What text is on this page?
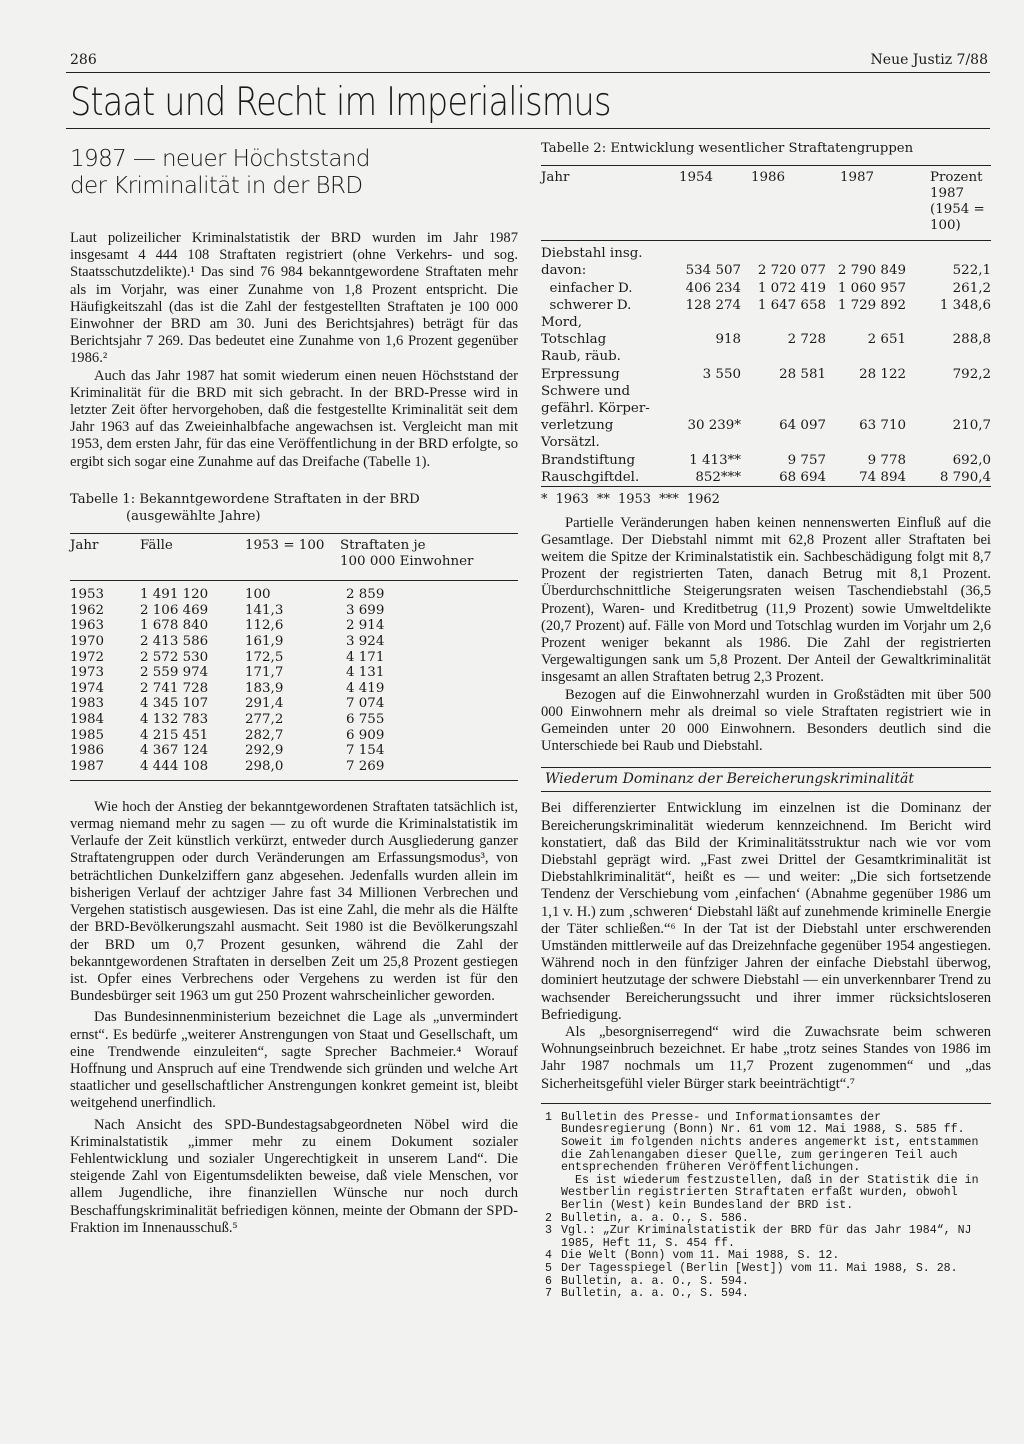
286	Neue Justiz 7/88
Staat und Recht im Imperialismus
1987 — neuer Höchststand
der Kriminalität in der BRD

Laut polizeilicher Kriminalstatistik der BRD wurden im Jahr 1987 insgesamt 4 444 108 Straftaten registriert (ohne Verkehrs- und sog. Staatsschutzdelikte).¹ Das sind 76 984 bekanntgewordene Straftaten mehr als im Vorjahr, was einer Zunahme von 1,8 Prozent entspricht. Die Häufigkeitszahl (das ist die Zahl der festgestellten Straftaten je 100 000 Einwohner der BRD am 30. Juni des Berichtsjahres) beträgt für das Berichtsjahr 7 269. Das bedeutet eine Zunahme von 1,6 Prozent gegenüber 1986.²

Auch das Jahr 1987 hat somit wiederum einen neuen Höchststand der Kriminalität für die BRD mit sich gebracht. In der BRD-Presse wird in letzter Zeit öfter hervorgehoben, daß die festgestellte Kriminalität seit dem Jahr 1963 auf das Zweieinhalbfache angewachsen ist. Vergleicht man mit 1953, dem ersten Jahr, für das eine Veröffentlichung in der BRD erfolgte, so ergibt sich sogar eine Zunahme auf das Dreifache (Tabelle 1).

Tabelle 1: Bekanntgewordene Straftaten in der BRD
(ausgewählte Jahre)
Jahr	Fälle	1953 = 100	Straftaten je
100 000 Einwohner
1953	1 491 120	100	2 859
1962	2 106 469	141,3	3 699
1963	1 678 840	112,6	2 914
1970	2 413 586	161,9	3 924
1972	2 572 530	172,5	4 171
1973	2 559 974	171,7	4 131
1974	2 741 728	183,9	4 419
1983	4 345 107	291,4	7 074
1984	4 132 783	277,2	6 755
1985	4 215 451	282,7	6 909
1986	4 367 124	292,9	7 154
1987	4 444 108	298,0	7 269

Wie hoch der Anstieg der bekanntgewordenen Straftaten tatsächlich ist, vermag niemand mehr zu sagen — zu oft wurde die Kriminalstatistik im Verlaufe der Zeit künstlich verkürzt, entweder durch Ausgliederung ganzer Straftatengruppen oder durch Veränderungen am Erfassungsmodus³, von beträchtlichen Dunkelziffern ganz abgesehen. Jedenfalls wurden allein im bisherigen Verlauf der achtziger Jahre fast 34 Millionen Verbrechen und Vergehen statistisch ausgewiesen. Das ist eine Zahl, die mehr als die Hälfte der BRD-Bevölkerungszahl ausmacht. Seit 1980 ist die Bevölkerungszahl der BRD um 0,7 Prozent gesunken, während die Zahl der bekanntgewordenen Straftaten in derselben Zeit um 25,8 Prozent gestiegen ist. Opfer eines Verbrechens oder Vergehens zu werden ist für den Bundesbürger seit 1963 um gut 250 Prozent wahrscheinlicher geworden.

Das Bundesinnenministerium bezeichnet die Lage als „unvermindert ernst“. Es bedürfe „weiterer Anstrengungen von Staat und Gesellschaft, um eine Trendwende einzuleiten“, sagte Sprecher Bachmeier.⁴ Worauf Hoffnung und Anspruch auf eine Trendwende sich gründen und welche Art staatlicher und gesellschaftlicher Anstrengungen konkret gemeint ist, bleibt weitgehend unerfindlich.

Nach Ansicht des SPD-Bundestagsabgeordneten Nöbel wird die Kriminalstatistik „immer mehr zu einem Dokument sozialer Fehlentwicklung und sozialer Ungerechtigkeit in unserem Land“. Die steigende Zahl von Eigentumsdelikten beweise, daß viele Menschen, vor allem Jugendliche, ihre finanziellen Wünsche nur noch durch Beschaffungskriminalität befriedigen können, meinte der Obmann der SPD-Fraktion im Innenausschuß.⁵

Tabelle 2: Entwicklung wesentlicher Straftatengruppen
Jahr	1954	1986	1987	Prozent
1987
(1954 =
100)
Diebstahl insg.
davon:	534 507	2 720 077	2 790 849	522,1
einfacher D.	406 234	1 072 419	1 060 957	261,2
schwerer D.	128 274	1 647 658	1 729 892	1 348,6
Mord,
Totschlag	918	2 728	2 651	288,8
Raub, räub.
Erpressung	3 550	28 581	28 122	792,2
Schwere und
gefährl. Körper-
verletzung	30 239*	64 097	63 710	210,7
Vorsätzl.
Brandstiftung	1 413**	9 757	9 778	692,0
Rauschgiftdel.	852***	68 694	74 894	8 790,4

* 1963 ** 1953 *** 1962

Partielle Veränderungen haben keinen nennenswerten Einfluß auf die Gesamtlage. Der Diebstahl nimmt mit 62,8 Prozent aller Straftaten bei weitem die Spitze der Kriminalstatistik ein. Sachbeschädigung folgt mit 8,7 Prozent der registrierten Taten, danach Betrug mit 8,1 Prozent. Überdurchschnittliche Steigerungsraten weisen Taschendiebstahl (36,5 Prozent), Waren- und Kreditbetrug (11,9 Prozent) sowie Umweltdelikte (20,7 Prozent) auf. Fälle von Mord und Totschlag wurden im Vorjahr um 2,6 Prozent weniger bekannt als 1986. Die Zahl der registrierten Vergewaltigungen sank um 5,8 Prozent. Der Anteil der Gewaltkriminalität insgesamt an allen Straftaten betrug 2,3 Prozent.

Bezogen auf die Einwohnerzahl wurden in Großstädten mit über 500 000 Einwohnern mehr als dreimal so viele Straftaten registriert wie in Gemeinden unter 20 000 Einwohnern. Besonders deutlich sind die Unterschiede bei Raub und Diebstahl.

Wiederum Dominanz der Bereicherungskriminalität

Bei differenzierter Entwicklung im einzelnen ist die Dominanz der Bereicherungskriminalität wiederum kennzeichnend. Im Bericht wird konstatiert, daß das Bild der Kriminalitätsstruktur nach wie vor vom Diebstahl geprägt wird. „Fast zwei Drittel der Gesamtkriminalität ist Diebstahlkriminalität“, heißt es — und weiter: „Die sich fortsetzende Tendenz der Verschiebung vom ‚einfachen‘ (Abnahme gegenüber 1986 um 1,1 v. H.) zum ‚schweren‘ Diebstahl läßt auf zunehmende kriminelle Energie der Täter schließen.“⁶ In der Tat ist der Diebstahl unter erschwerenden Umständen mittlerweile auf das Dreizehnfache gegenüber 1954 angestiegen. Während noch in den fünfziger Jahren der einfache Diebstahl überwog, dominiert heutzutage der schwere Diebstahl — ein unverkennbarer Trend zu wachsender Bereicherungssucht und ihrer immer rücksichtsloseren Befriedigung.

Als „besorgniserregend“ wird die Zuwachsrate beim schweren Wohnungseinbruch bezeichnet. Er habe „trotz seines Standes von 1986 im Jahr 1987 nochmals um 11,7 Prozent zugenommen“ und „das Sicherheitsgefühl vieler Bürger stark beeinträchtigt“.⁷

1 Bulletin des Presse- und Informationsamtes der Bundesregierung (Bonn) Nr. 61 vom 12. Mai 1988, S. 585 ff. Soweit im folgenden nichts anderes angemerkt ist, entstammen die Zahlenangaben dieser Quelle, zum geringeren Teil auch entsprechenden früheren Veröffentlichungen.
Es ist wiederum festzustellen, daß in der Statistik die in Westberlin registrierten Straftaten erfaßt wurden, obwohl Berlin (West) kein Bundesland der BRD ist.
2 Bulletin, a. a. O., S. 586.
3 Vgl.: „Zur Kriminalstatistik der BRD für das Jahr 1984“, NJ 1985, Heft 11, S. 454 ff.
4 Die Welt (Bonn) vom 11. Mai 1988, S. 12.
5 Der Tagesspiegel (Berlin [West]) vom 11. Mai 1988, S. 28.
6 Bulletin, a. a. O., S. 594.
7 Bulletin, a. a. O., S. 594.
